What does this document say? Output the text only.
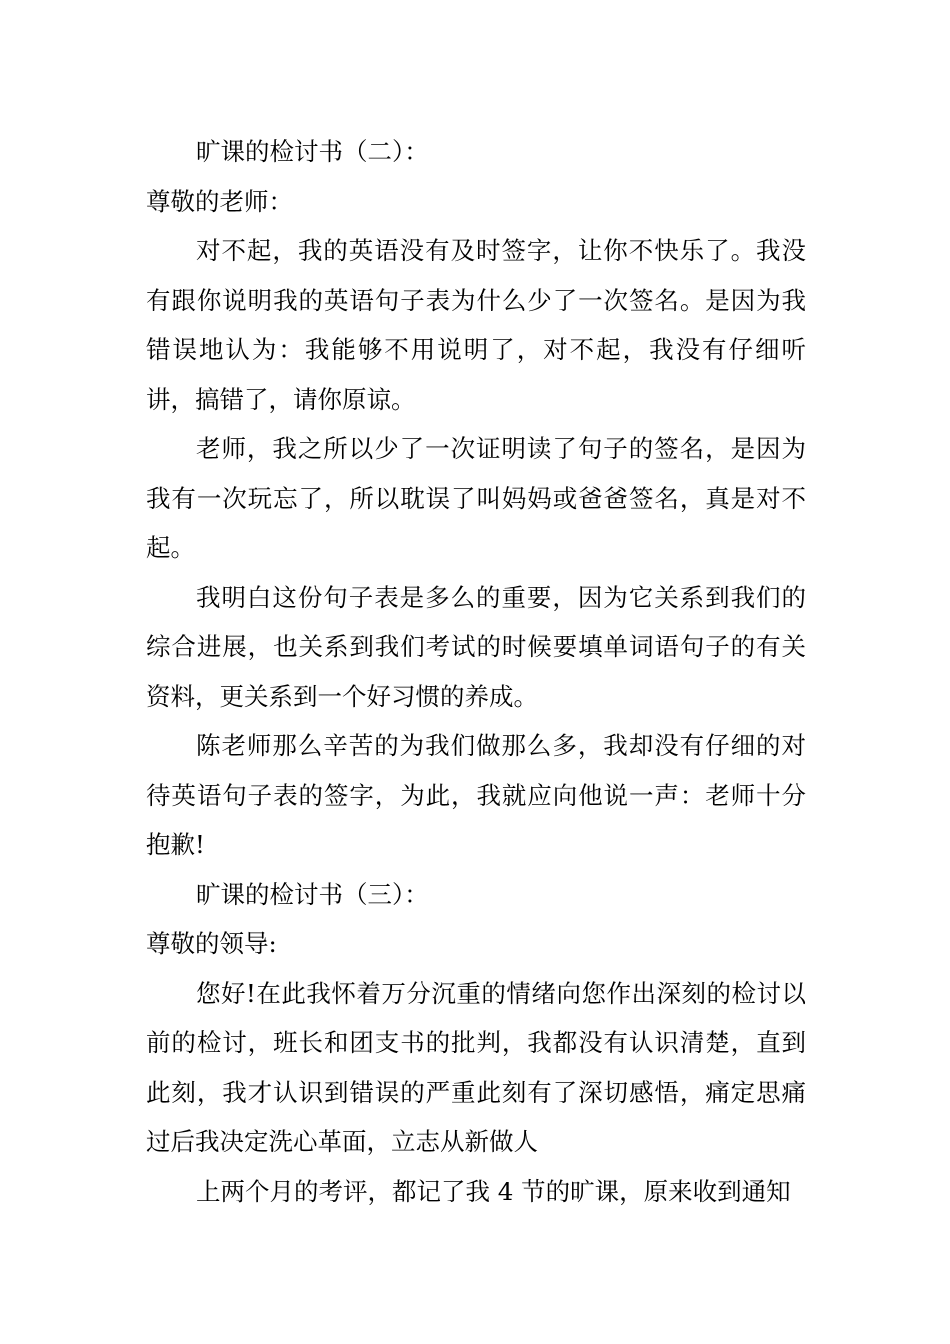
旷课的检讨书（二）：

尊敬的老师：

对不起，我的英语没有及时签字，让你不快乐了。我没有跟你说明我的英语句子表为什么少了一次签名。是因为我错误地认为：我能够不用说明了，对不起，我没有仔细听讲，搞错了，请你原谅。

老师，我之所以少了一次证明读了句子的签名，是因为我有一次玩忘了，所以耽误了叫妈妈或爸爸签名，真是对不起。

我明白这份句子表是多么的重要，因为它关系到我们的综合进展，也关系到我们考试的时候要填单词语句子的有关资料，更关系到一个好习惯的养成。

陈老师那么辛苦的为我们做那么多，我却没有仔细的对待英语句子表的签字，为此，我就应向他说一声：老师十分抱歉!

旷课的检讨书（三）：

尊敬的领导:

您好!在此我怀着万分沉重的情绪向您作出深刻的检讨以前的检讨，班长和团支书的批判，我都没有认识清楚，直到此刻，我才认识到错误的严重此刻有了深切感悟，痛定思痛过后我决定洗心革面，立志从新做人

上两个月的考评，都记了我 4 节的旷课，原来收到通知
